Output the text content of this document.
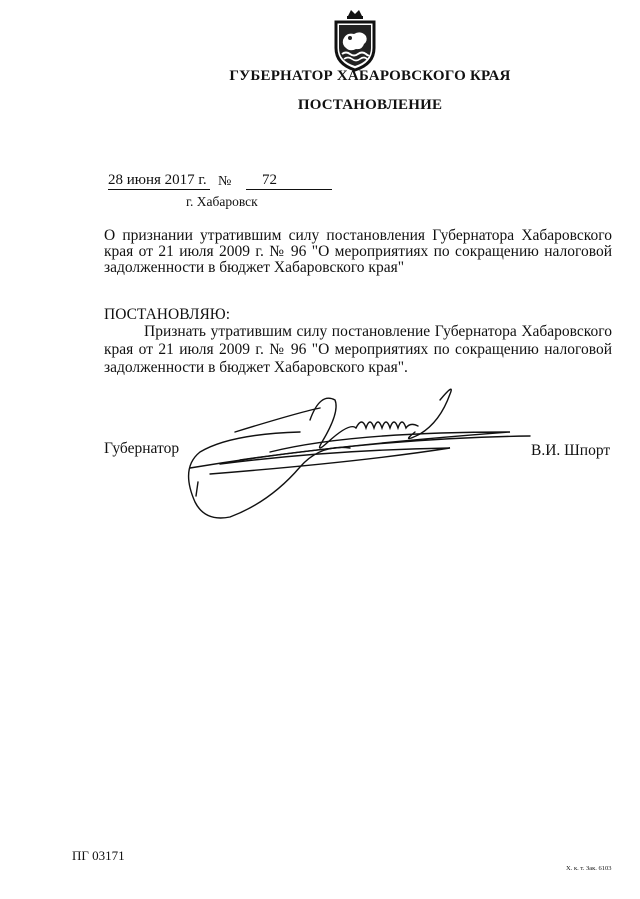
ГУБЕРНАТОР ХАБАРОВСКОГО КРАЯ
ПОСТАНОВЛЕНИЕ
28 июня 2017 г. №	72
г. Хабаровск
О признании утратившим силу постановления Губернатора Хабаровского края от 21 июля 2009 г. № 96 "О мероприятиях по сокращению налоговой задолженности в бюджет Хабаровского края"
ПОСТАНОВЛЯЮ:
Признать утратившим силу постановление Губернатора Хабаровского края от 21 июля 2009 г. № 96 "О мероприятиях по сокращению налоговой задолженности в бюджет Хабаровского края".
Губернатор	В.И. Шпорт
ПГ 03171
Х. к. т. Зак. 6103
